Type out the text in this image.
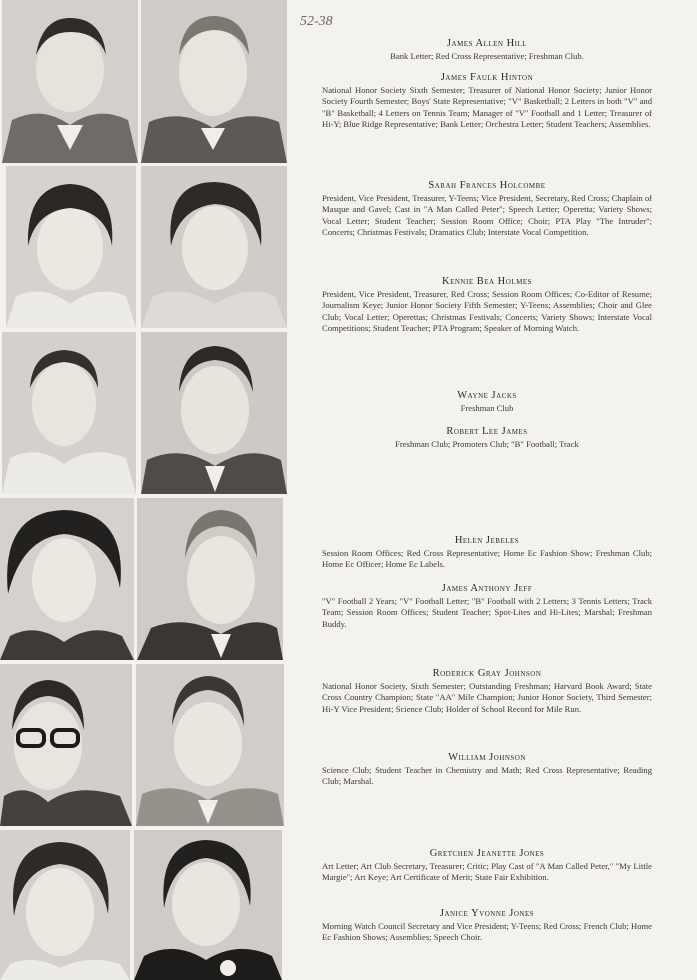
52-38

James Allen Hill

Bank Letter; Red Cross Representative; Freshman Club.

James Faulk Hinton

National Honor Society Sixth Semester; Treasurer of National Honor Society; Junior Honor Society Fourth Semester; Boys' State Representative; "V" Basketball; 2 Letters in both "V" and "B" Basketball; 4 Letters on Tennis Team; Manager of "V" Football and 1 Letter; Treasurer of Hi-Y; Blue Ridge Representative; Bank Letter; Orchestra Letter; Student Teachers; Assemblies.

Sarah Frances Holcombe

President, Vice President, Treasurer, Y-Teens; Vice President, Secretary, Red Cross; Chaplain of Masque and Gavel; Cast in "A Man Called Peter"; Speech Letter; Operetta; Variety Shows; Vocal Letter; Student Teacher; Session Room Office; Choir; PTA Play "The Intruder"; Concerts; Christmas Festivals; Dramatics Club; Interstate Vocal Competition.

Kennie Bea Holmes

President, Vice President, Treasurer, Red Cross; Session Room Offices; Co-Editor of Resume; Journalism Keye; Junior Honor Society Fifth Semester; Y-Teens; Assemblies; Choir and Glee Club; Vocal Letter; Operettas; Christmas Festivals; Concerts; Variety Shows; Interstate Vocal Competitions; Student Teacher; PTA Program; Speaker of Morning Watch.

Wayne Jacks

Freshman Club

Robert Lee James

Freshman Club; Promoters Club; "B" Football; Track

Helen Jebeles

Session Room Offices; Red Cross Representative; Home Ec Fashion Show; Freshman Club; Home Ec Officer; Home Ec Labels.

James Anthony Jeff

"V" Football 2 Years; "V" Football Letter; "B" Football with 2 Letters; 3 Tennis Letters; Track Team; Session Room Offices; Student Teacher; Spot-Lites and Hi-Lites; Marshal; Freshman Buddy.

Roderick Gray Johnson

National Honor Society, Sixth Semester; Outstanding Freshman; Harvard Book Award; State Cross Country Champion; State "AA" Mile Champion; Junior Honor Society, Third Semester; Hi-Y Vice President; Science Club; Holder of School Record for Mile Run.

William Johnson

Science Club; Student Teacher in Chemistry and Math; Red Cross Representative; Reading Club; Marshal.

Gretchen Jeanette Jones

Art Letter; Art Club Secretary, Treasurer; Critic; Play Cast of "A Man Called Peter," "My Little Margie"; Art Keye; Art Certificate of Merit; State Fair Exhibition.

Janice Yvonne Jones

Morning Watch Council Secretary and Vice President; Y-Teens; Red Cross; French Club; Home Ec Fashion Shows; Assemblies; Speech Choir.
